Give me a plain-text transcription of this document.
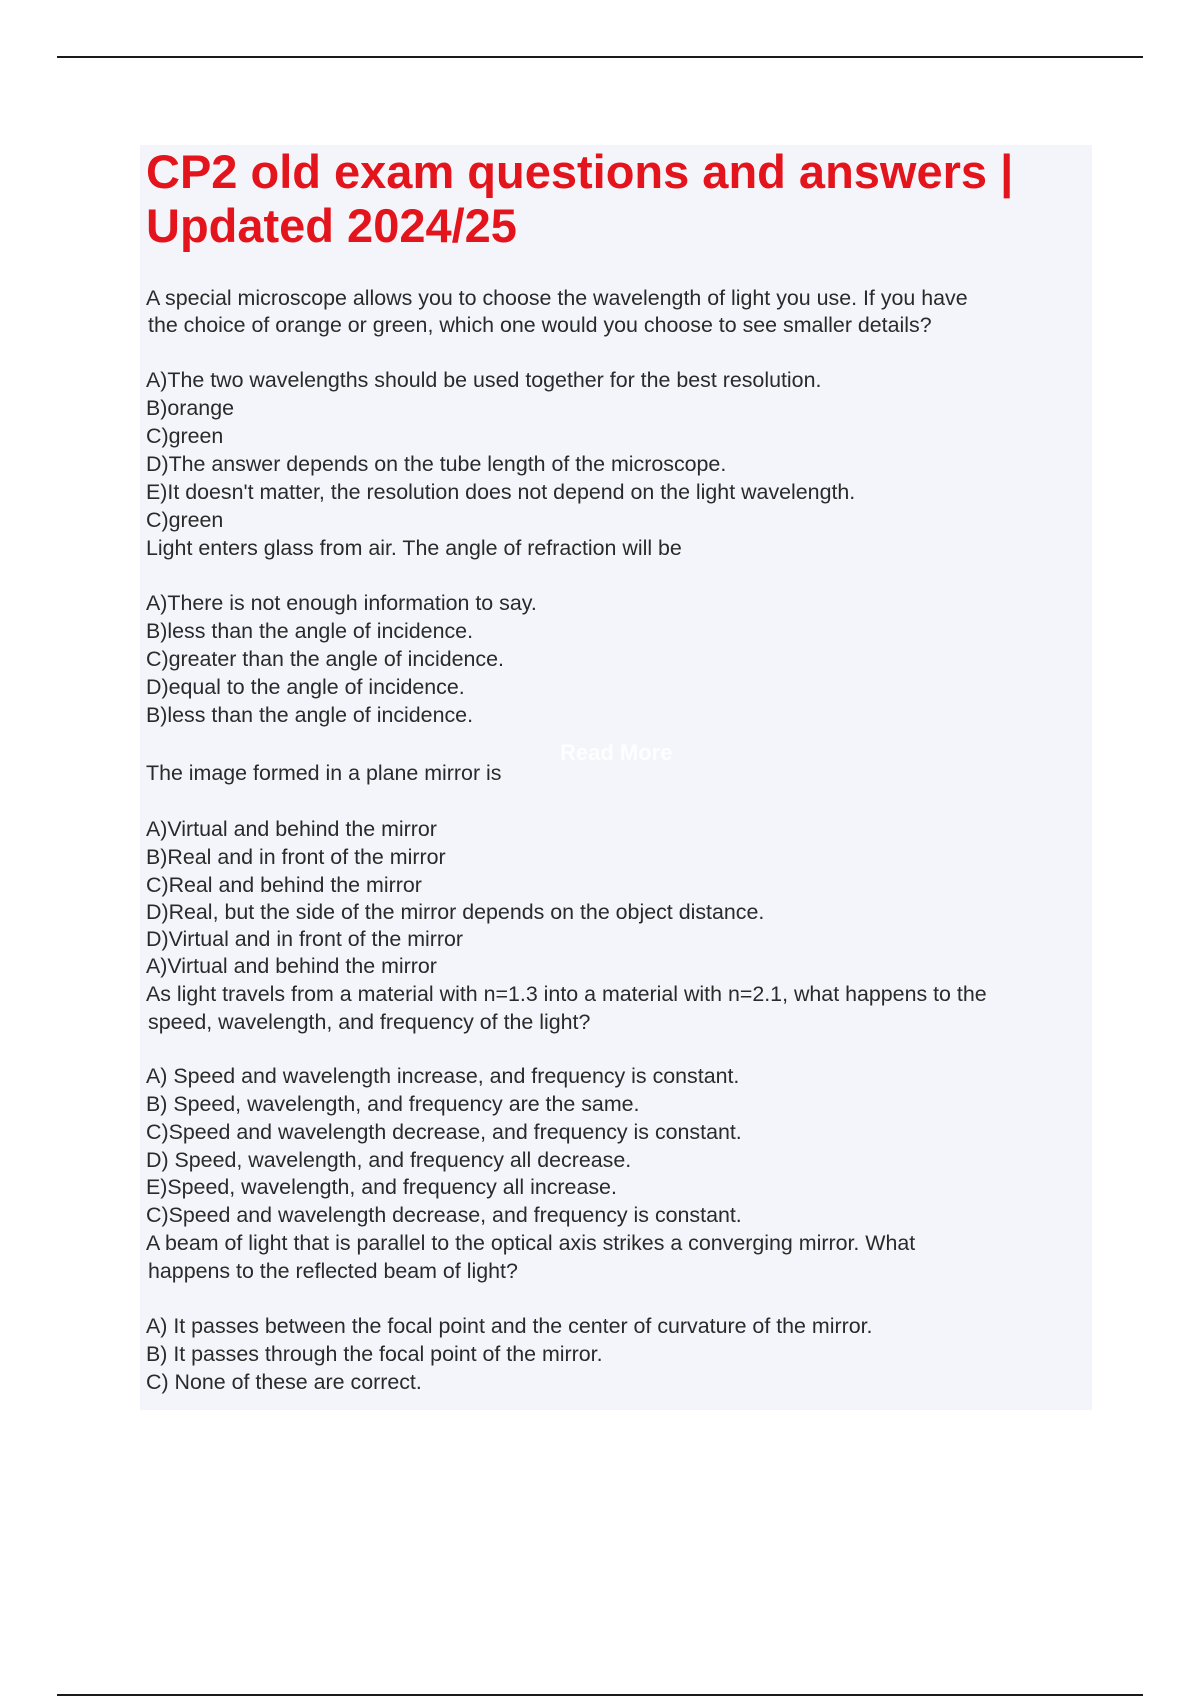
CP2 old exam questions and answers |
Updated 2024/25
Read More
A special microscope allows you to choose the wavelength of light you use. If you have
the choice of orange or green, which one would you choose to see smaller details?
A)The two wavelengths should be used together for the best resolution.
B)orange
C)green
D)The answer depends on the tube length of the microscope.
E)It doesn't matter, the resolution does not depend on the light wavelength.
C)green
Light enters glass from air. The angle of refraction will be
A)There is not enough information to say.
B)less than the angle of incidence.
C)greater than the angle of incidence.
D)equal to the angle of incidence.
B)less than the angle of incidence.
The image formed in a plane mirror is
A)Virtual and behind the mirror
B)Real and in front of the mirror
C)Real and behind the mirror
D)Real, but the side of the mirror depends on the object distance.
D)Virtual and in front of the mirror
A)Virtual and behind the mirror
As light travels from a material with n=1.3 into a material with n=2.1, what happens to the
speed, wavelength, and frequency of the light?
A) Speed and wavelength increase, and frequency is constant.
B) Speed, wavelength, and frequency are the same.
C)Speed and wavelength decrease, and frequency is constant.
D) Speed, wavelength, and frequency all decrease.
E)Speed, wavelength, and frequency all increase.
C)Speed and wavelength decrease, and frequency is constant.
A beam of light that is parallel to the optical axis strikes a converging mirror. What
happens to the reflected beam of light?
A) It passes between the focal point and the center of curvature of the mirror.
B) It passes through the focal point of the mirror.
C) None of these are correct.
